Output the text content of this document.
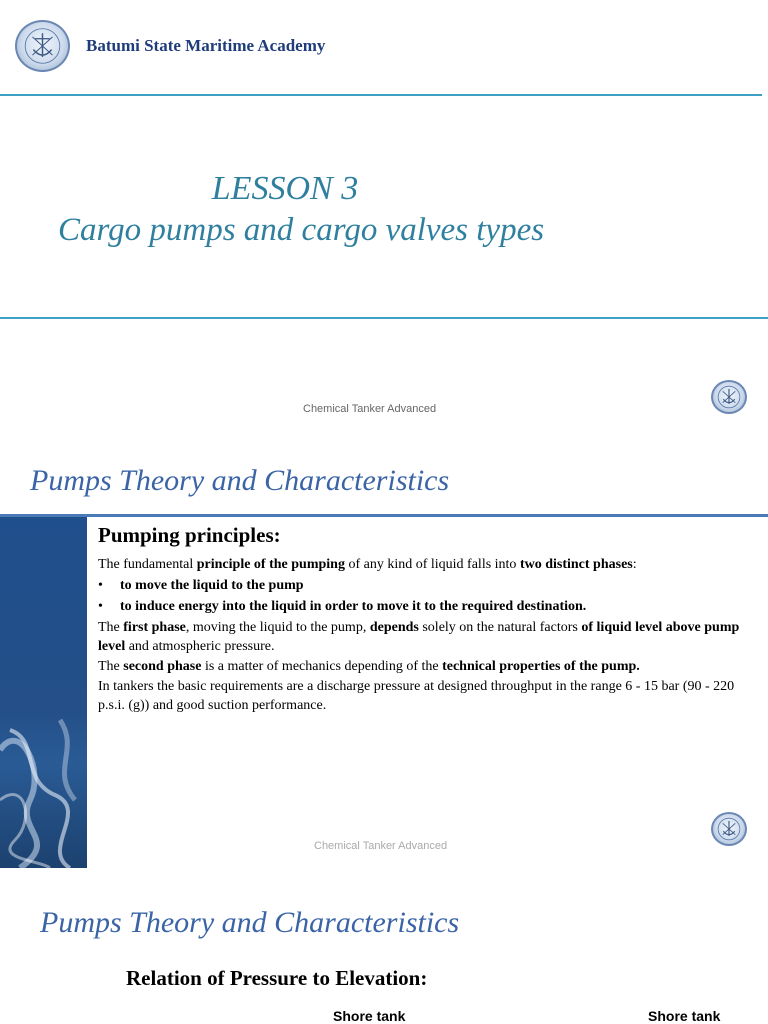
Batumi State Maritime Academy
LESSON 3
Cargo pumps and cargo valves types
Chemical Tanker Advanced
Pumps Theory and Characteristics
Pumping principles:

The fundamental principle of the pumping of any kind of liquid falls into two distinct phases:

•	to move the liquid to the pump
•	to induce energy into the liquid in order to move it to the required destination.

The first phase, moving the liquid to the pump, depends solely on the natural factors of liquid level above pump level and atmospheric pressure.

The second phase is a matter of mechanics depending of the technical properties of the pump.

In tankers the basic requirements are a discharge pressure at designed throughput in the range 6 - 15 bar (90 - 220 p.s.i. (g)) and good suction performance.

Chemical Tanker Advanced
Pumps Theory and Characteristics
Relation of Pressure to Elevation:
Shore tank	Shore tank
